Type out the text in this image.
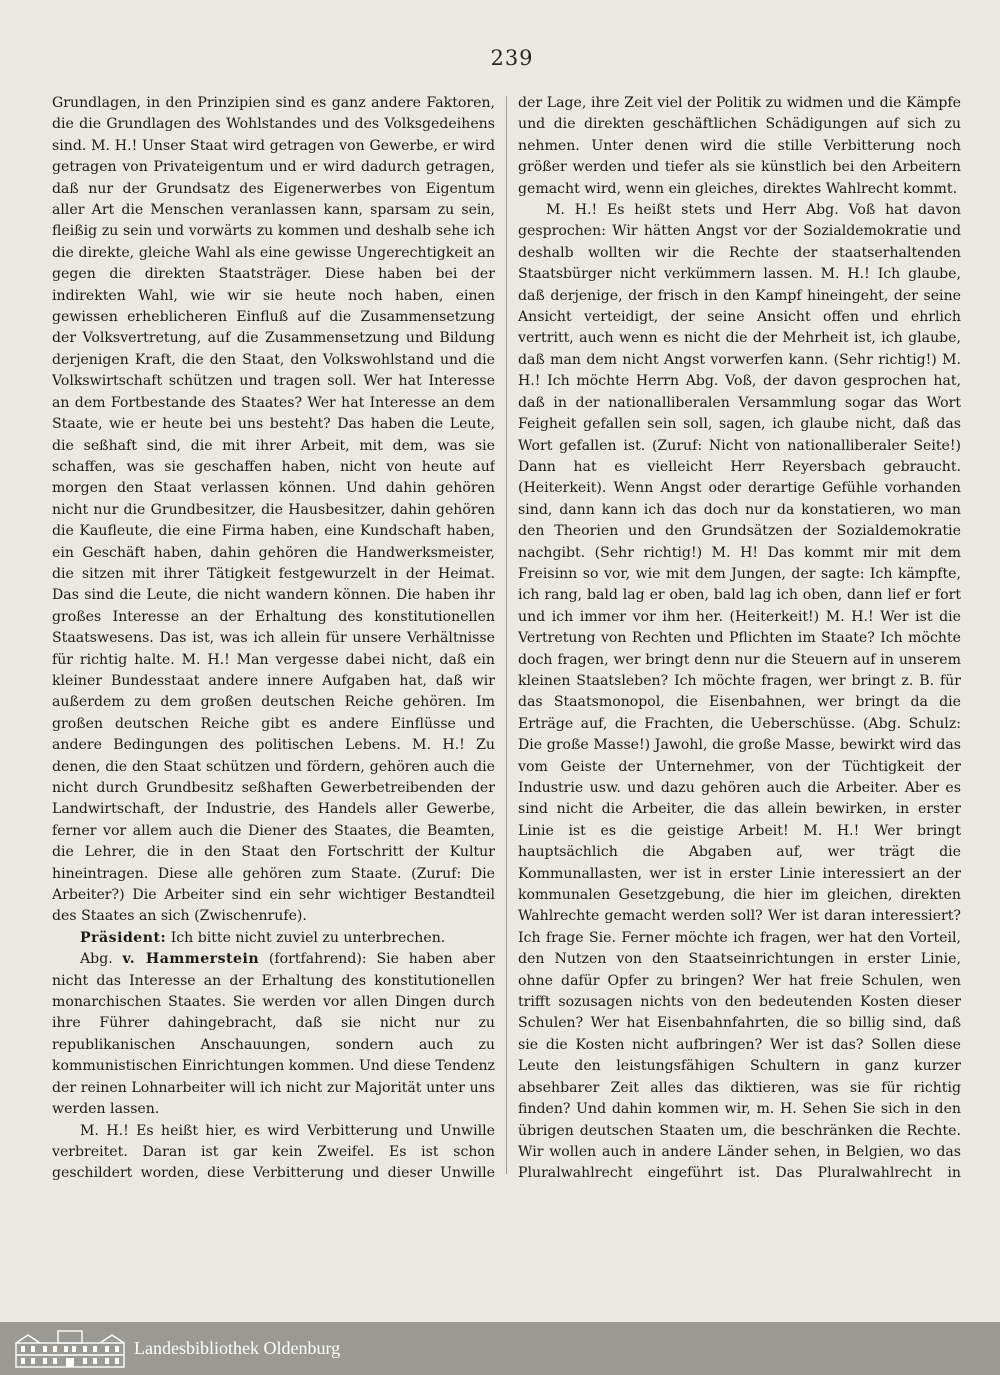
239

Grundlagen, in den Prinzipien sind es ganz andere Faktoren, die die Grundlagen des Wohlstandes und des Volksgedeihens sind. M. H.! Unser Staat wird getragen von Gewerbe, er wird getragen von Privateigentum und er wird dadurch getragen, daß nur der Grundsatz des Eigenerwerbes von Eigentum aller Art die Menschen veranlassen kann, sparsam zu sein, fleißig zu sein und vorwärts zu kommen und deshalb sehe ich die direkte, gleiche Wahl als eine gewisse Ungerechtigkeit an gegen die direkten Staatsträger. Diese haben bei der indirekten Wahl, wie wir sie heute noch haben, einen gewissen erheblicheren Einfluß auf die Zusammensetzung der Volksvertretung, auf die Zusammensetzung und Bildung derjenigen Kraft, die den Staat, den Volkswohlstand und die Volkswirtschaft schützen und tragen soll. Wer hat Interesse an dem Fortbestande des Staates? Wer hat Interesse an dem Staate, wie er heute bei uns besteht? Das haben die Leute, die seßhaft sind, die mit ihrer Arbeit, mit dem, was sie schaffen, was sie geschaffen haben, nicht von heute auf morgen den Staat verlassen können. Und dahin gehören nicht nur die Grundbesitzer, die Hausbesitzer, dahin gehören die Kaufleute, die eine Firma haben, eine Kundschaft haben, ein Geschäft haben, dahin gehören die Handwerksmeister, die sitzen mit ihrer Tätigkeit festgewurzelt in der Heimat. Das sind die Leute, die nicht wandern können. Die haben ihr großes Interesse an der Erhaltung des konstitutionellen Staatswesens. Das ist, was ich allein für unsere Verhältnisse für richtig halte. M. H.! Man vergesse dabei nicht, daß ein kleiner Bundesstaat andere innere Aufgaben hat, daß wir außerdem zu dem großen deutschen Reiche gehören. Im großen deutschen Reiche gibt es andere Einflüsse und andere Bedingungen des politischen Lebens. M. H.! Zu denen, die den Staat schützen und fördern, gehören auch die nicht durch Grundbesitz seßhaften Gewerbetreibenden der Landwirtschaft, der Industrie, des Handels aller Gewerbe, ferner vor allem auch die Diener des Staates, die Beamten, die Lehrer, die in den Staat den Fortschritt der Kultur hineintragen. Diese alle gehören zum Staate. (Zuruf: Die Arbeiter?) Die Arbeiter sind ein sehr wichtiger Bestandteil des Staates an sich (Zwischenrufe).

Präsident: Ich bitte nicht zuviel zu unterbrechen.

Abg. v. Hammerstein (fortfahrend): Sie haben aber nicht das Interesse an der Erhaltung des konstitutionellen monarchischen Staates. Sie werden vor allen Dingen durch ihre Führer dahingebracht, daß sie nicht nur zu republikanischen Anschauungen, sondern auch zu kommunistischen Einrichtungen kommen. Und diese Tendenz der reinen Lohnarbeiter will ich nicht zur Majorität unter uns werden lassen.

M. H.! Es heißt hier, es wird Verbitterung und Unwille verbreitet. Daran ist gar kein Zweifel. Es ist schon geschildert worden, diese Verbitterung und dieser Unwille

der Lage, ihre Zeit viel der Politik zu widmen und die Kämpfe und die direkten geschäftlichen Schädigungen auf sich zu nehmen. Unter denen wird die stille Verbitterung noch größer werden und tiefer als sie künstlich bei den Arbeitern gemacht wird, wenn ein gleiches, direktes Wahlrecht kommt.

M. H.! Es heißt stets und Herr Abg. Voß hat davon gesprochen: Wir hätten Angst vor der Sozialdemokratie und deshalb wollten wir die Rechte der staatserhaltenden Staatsbürger nicht verkümmern lassen. M. H.! Ich glaube, daß derjenige, der frisch in den Kampf hineingeht, der seine Ansicht verteidigt, der seine Ansicht offen und ehrlich vertritt, auch wenn es nicht die der Mehrheit ist, ich glaube, daß man dem nicht Angst vorwerfen kann. (Sehr richtig!) M. H.! Ich möchte Herrn Abg. Voß, der davon gesprochen hat, daß in der nationalliberalen Versammlung sogar das Wort Feigheit gefallen sein soll, sagen, ich glaube nicht, daß das Wort gefallen ist. (Zuruf: Nicht von nationalliberaler Seite!) Dann hat es vielleicht Herr Reyersbach gebraucht. (Heiterkeit). Wenn Angst oder derartige Gefühle vorhanden sind, dann kann ich das doch nur da konstatieren, wo man den Theorien und den Grundsätzen der Sozialdemokratie nachgibt. (Sehr richtig!) M. H! Das kommt mir mit dem Freisinn so vor, wie mit dem Jungen, der sagte: Ich kämpfte, ich rang, bald lag er oben, bald lag ich oben, dann lief er fort und ich immer vor ihm her. (Heiterkeit!) M. H.! Wer ist die Vertretung von Rechten und Pflichten im Staate? Ich möchte doch fragen, wer bringt denn nur die Steuern auf in unserem kleinen Staatsleben? Ich möchte fragen, wer bringt z. B. für das Staatsmonopol, die Eisenbahnen, wer bringt da die Erträge auf, die Frachten, die Ueberschüsse. (Abg. Schulz: Die große Masse!) Jawohl, die große Masse, bewirkt wird das vom Geiste der Unternehmer, von der Tüchtigkeit der Industrie usw. und dazu gehören auch die Arbeiter. Aber es sind nicht die Arbeiter, die das allein bewirken, in erster Linie ist es die geistige Arbeit! M. H.! Wer bringt hauptsächlich die Abgaben auf, wer trägt die Kommunallasten, wer ist in erster Linie interessiert an der kommunalen Gesetzgebung, die hier im gleichen, direkten Wahlrechte gemacht werden soll? Wer ist daran interessiert? Ich frage Sie. Ferner möchte ich fragen, wer hat den Vorteil, den Nutzen von den Staatseinrichtungen in erster Linie, ohne dafür Opfer zu bringen? Wer hat freie Schulen, wen trifft sozusagen nichts von den bedeutenden Kosten dieser Schulen? Wer hat Eisenbahnfahrten, die so billig sind, daß sie die Kosten nicht aufbringen? Wer ist das? Sollen diese Leute den leistungsfähigen Schultern in ganz kurzer absehbarer Zeit alles das diktieren, was sie für richtig finden? Und dahin kommen wir, m. H. Sehen Sie sich in den übrigen deutschen Staaten um, die beschränken die Rechte. Wir wollen auch in andere Länder sehen, in Belgien, wo das Pluralwahlrecht eingeführt ist. Das Pluralwahlrecht in

Landesbibliothek Oldenburg
